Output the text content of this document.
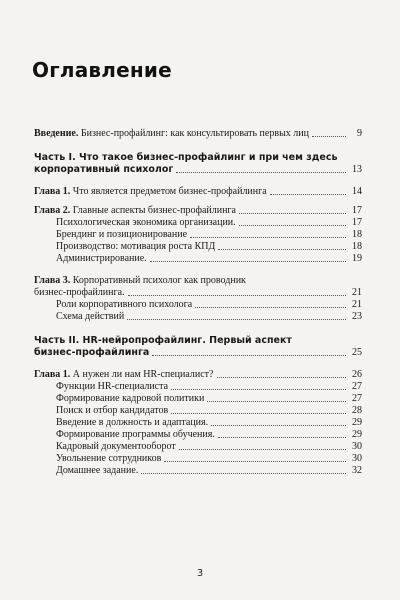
Оглавление
Введение. Бизнес-профайлинг: как консультировать первых лиц	9
Часть I. Что такое бизнес-профайлинг и при чем здесь
корпоративный психолог	13
Глава 1. Что является предметом бизнес-профайлинга	14
Глава 2. Главные аспекты бизнес-профайлинга	17
Психологическая экономика организации.	17
Брендинг и позиционирование	18
Производство: мотивация роста КПД	18
Администрирование.	19
Глава 3. Корпоративный психолог как проводник
бизнес-профайлинга.	21
Роли корпоративного психолога	21
Схема действий	23
Часть II. HR-нейропрофайлинг. Первый аспект
бизнес-профайлинга	25
Глава 1. А нужен ли нам HR-специалист?	26
Функции HR-специалиста	27
Формирование кадровой политики	27
Поиск и отбор кандидатов	28
Введение в должность и адаптация.	29
Формирование программы обучения.	29
Кадровый документооборот	30
Увольнение сотрудников	30
Домашнее задание.	32
3
